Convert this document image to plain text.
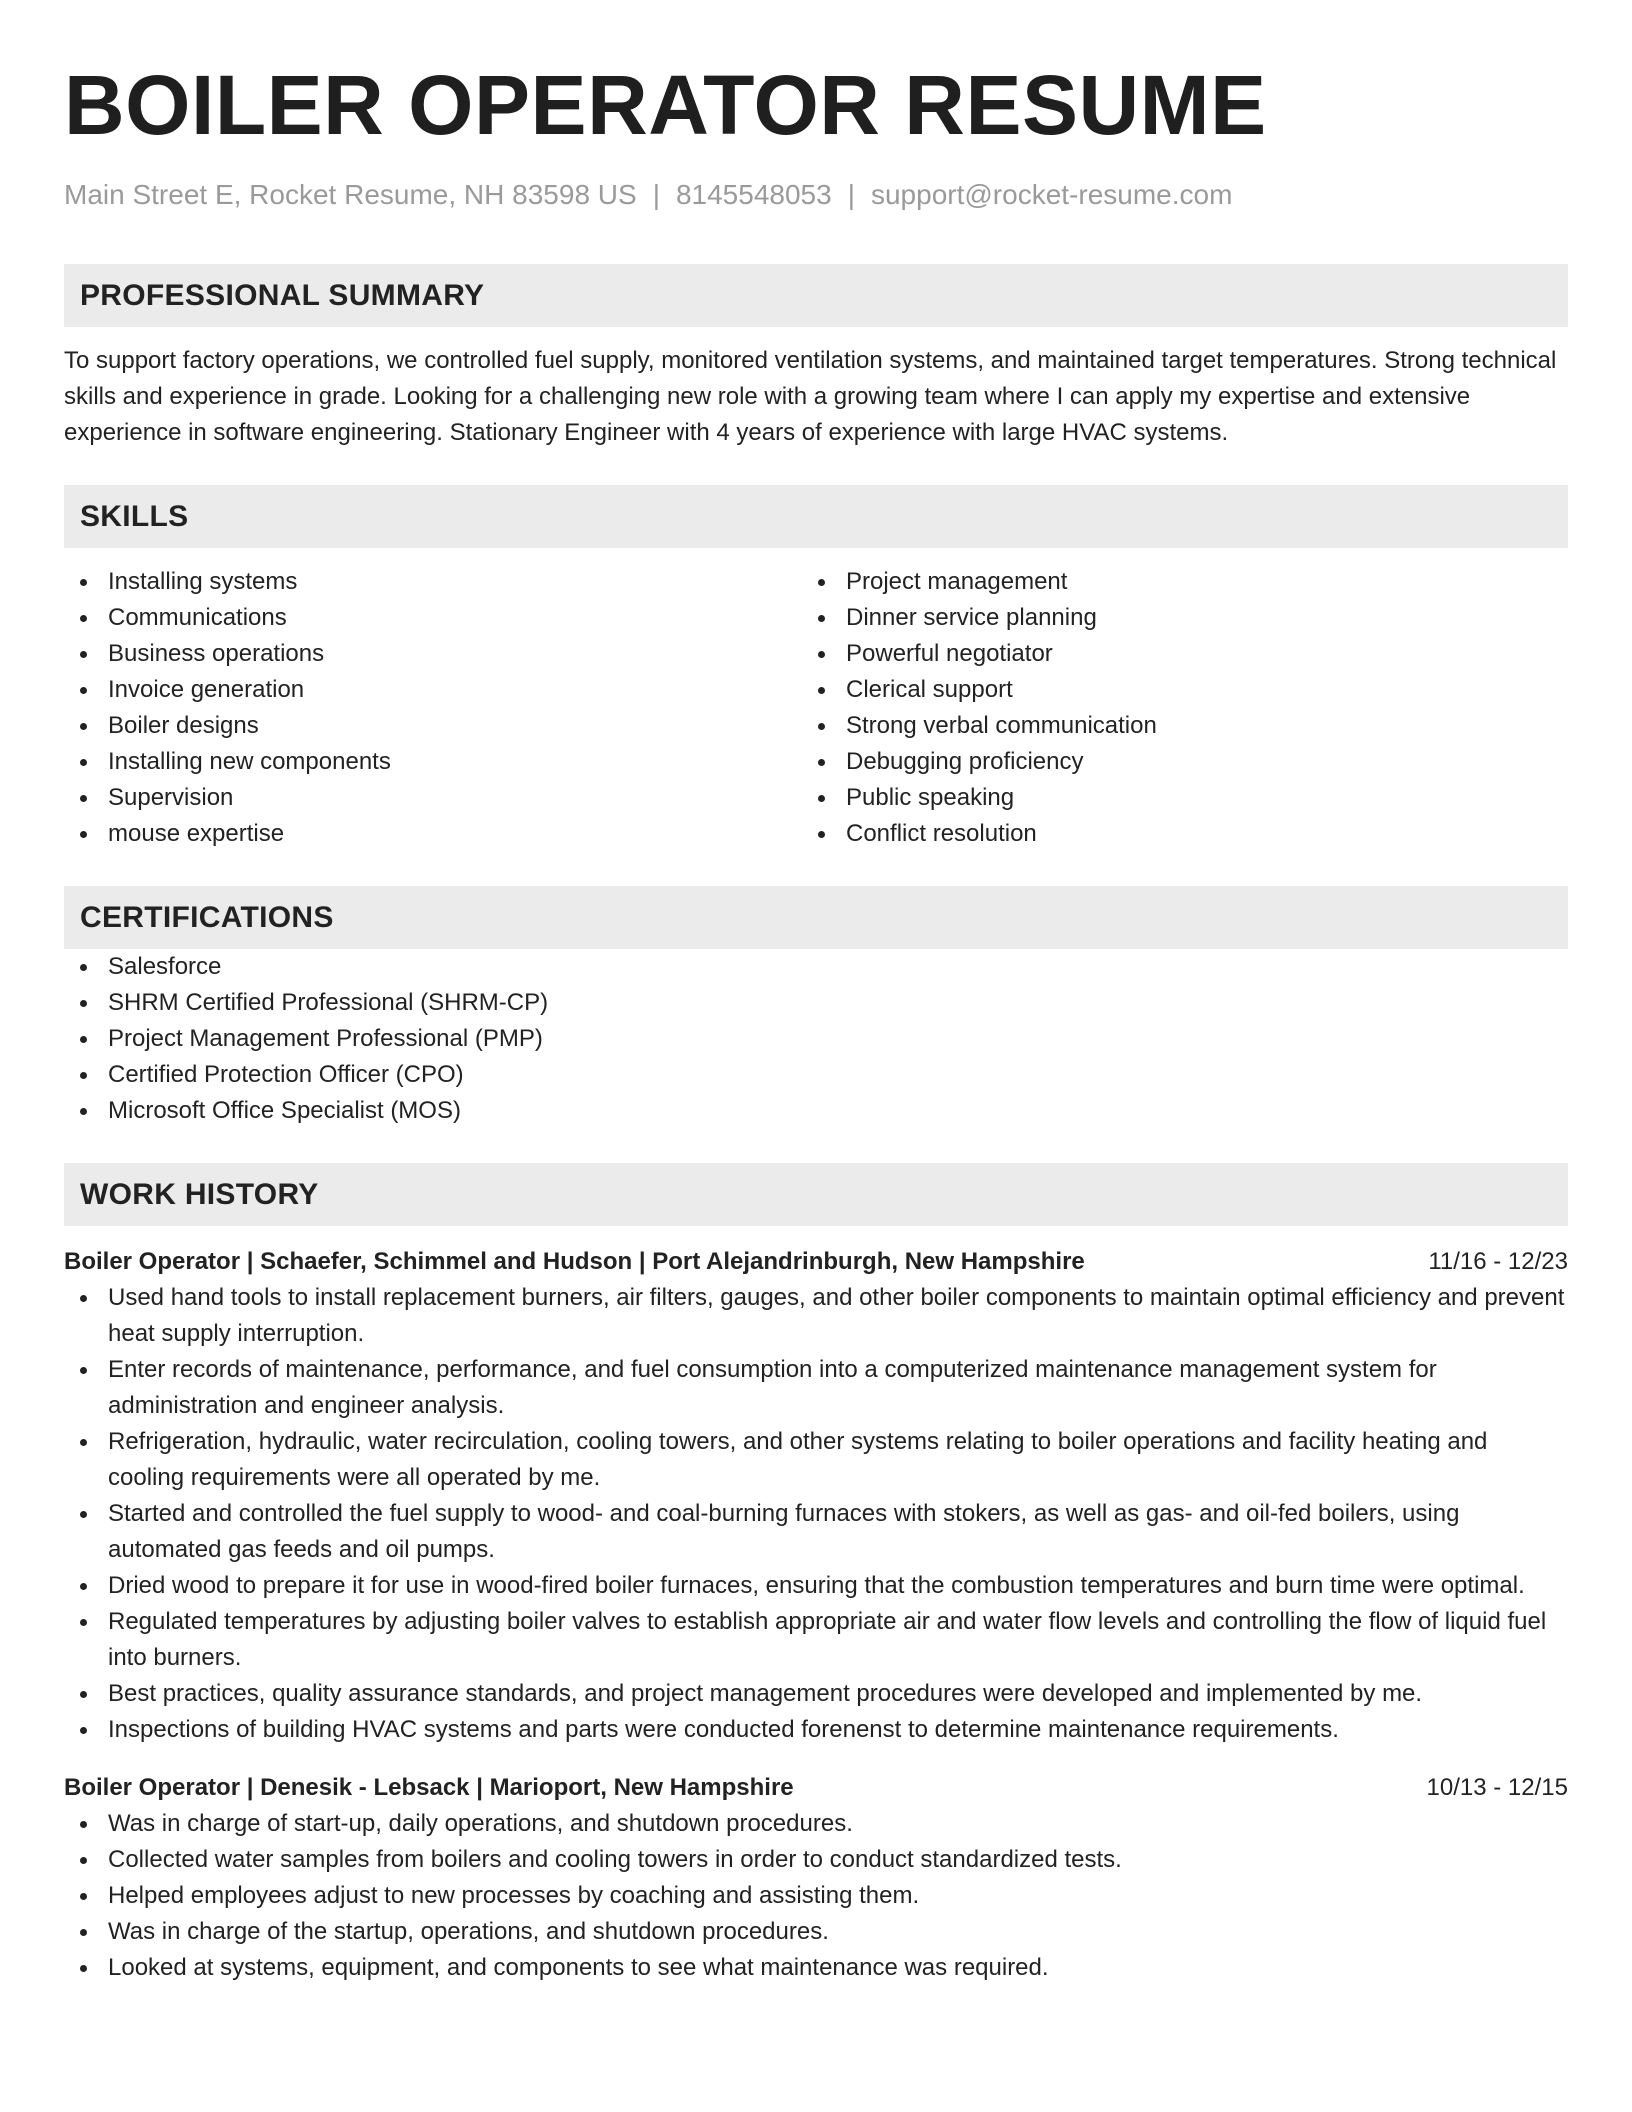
BOILER OPERATOR RESUME
Main Street E, Rocket Resume, NH 83598 US | 8145548053 | support@rocket-resume.com
PROFESSIONAL SUMMARY
To support factory operations, we controlled fuel supply, monitored ventilation systems, and maintained target temperatures. Strong technical skills and experience in grade. Looking for a challenging new role with a growing team where I can apply my expertise and extensive experience in software engineering. Stationary Engineer with 4 years of experience with large HVAC systems.
SKILLS
Installing systems
Communications
Business operations
Invoice generation
Boiler designs
Installing new components
Supervision
mouse expertise
Project management
Dinner service planning
Powerful negotiator
Clerical support
Strong verbal communication
Debugging proficiency
Public speaking
Conflict resolution
CERTIFICATIONS
Salesforce
SHRM Certified Professional (SHRM-CP)
Project Management Professional (PMP)
Certified Protection Officer (CPO)
Microsoft Office Specialist (MOS)
WORK HISTORY
Boiler Operator | Schaefer, Schimmel and Hudson | Port Alejandrinburgh, New Hampshire	11/16 - 12/23
Used hand tools to install replacement burners, air filters, gauges, and other boiler components to maintain optimal efficiency and prevent heat supply interruption.
Enter records of maintenance, performance, and fuel consumption into a computerized maintenance management system for administration and engineer analysis.
Refrigeration, hydraulic, water recirculation, cooling towers, and other systems relating to boiler operations and facility heating and cooling requirements were all operated by me.
Started and controlled the fuel supply to wood- and coal-burning furnaces with stokers, as well as gas- and oil-fed boilers, using automated gas feeds and oil pumps.
Dried wood to prepare it for use in wood-fired boiler furnaces, ensuring that the combustion temperatures and burn time were optimal.
Regulated temperatures by adjusting boiler valves to establish appropriate air and water flow levels and controlling the flow of liquid fuel into burners.
Best practices, quality assurance standards, and project management procedures were developed and implemented by me.
Inspections of building HVAC systems and parts were conducted forenenst to determine maintenance requirements.
Boiler Operator | Denesik - Lebsack | Marioport, New Hampshire	10/13 - 12/15
Was in charge of start-up, daily operations, and shutdown procedures.
Collected water samples from boilers and cooling towers in order to conduct standardized tests.
Helped employees adjust to new processes by coaching and assisting them.
Was in charge of the startup, operations, and shutdown procedures.
Looked at systems, equipment, and components to see what maintenance was required.
